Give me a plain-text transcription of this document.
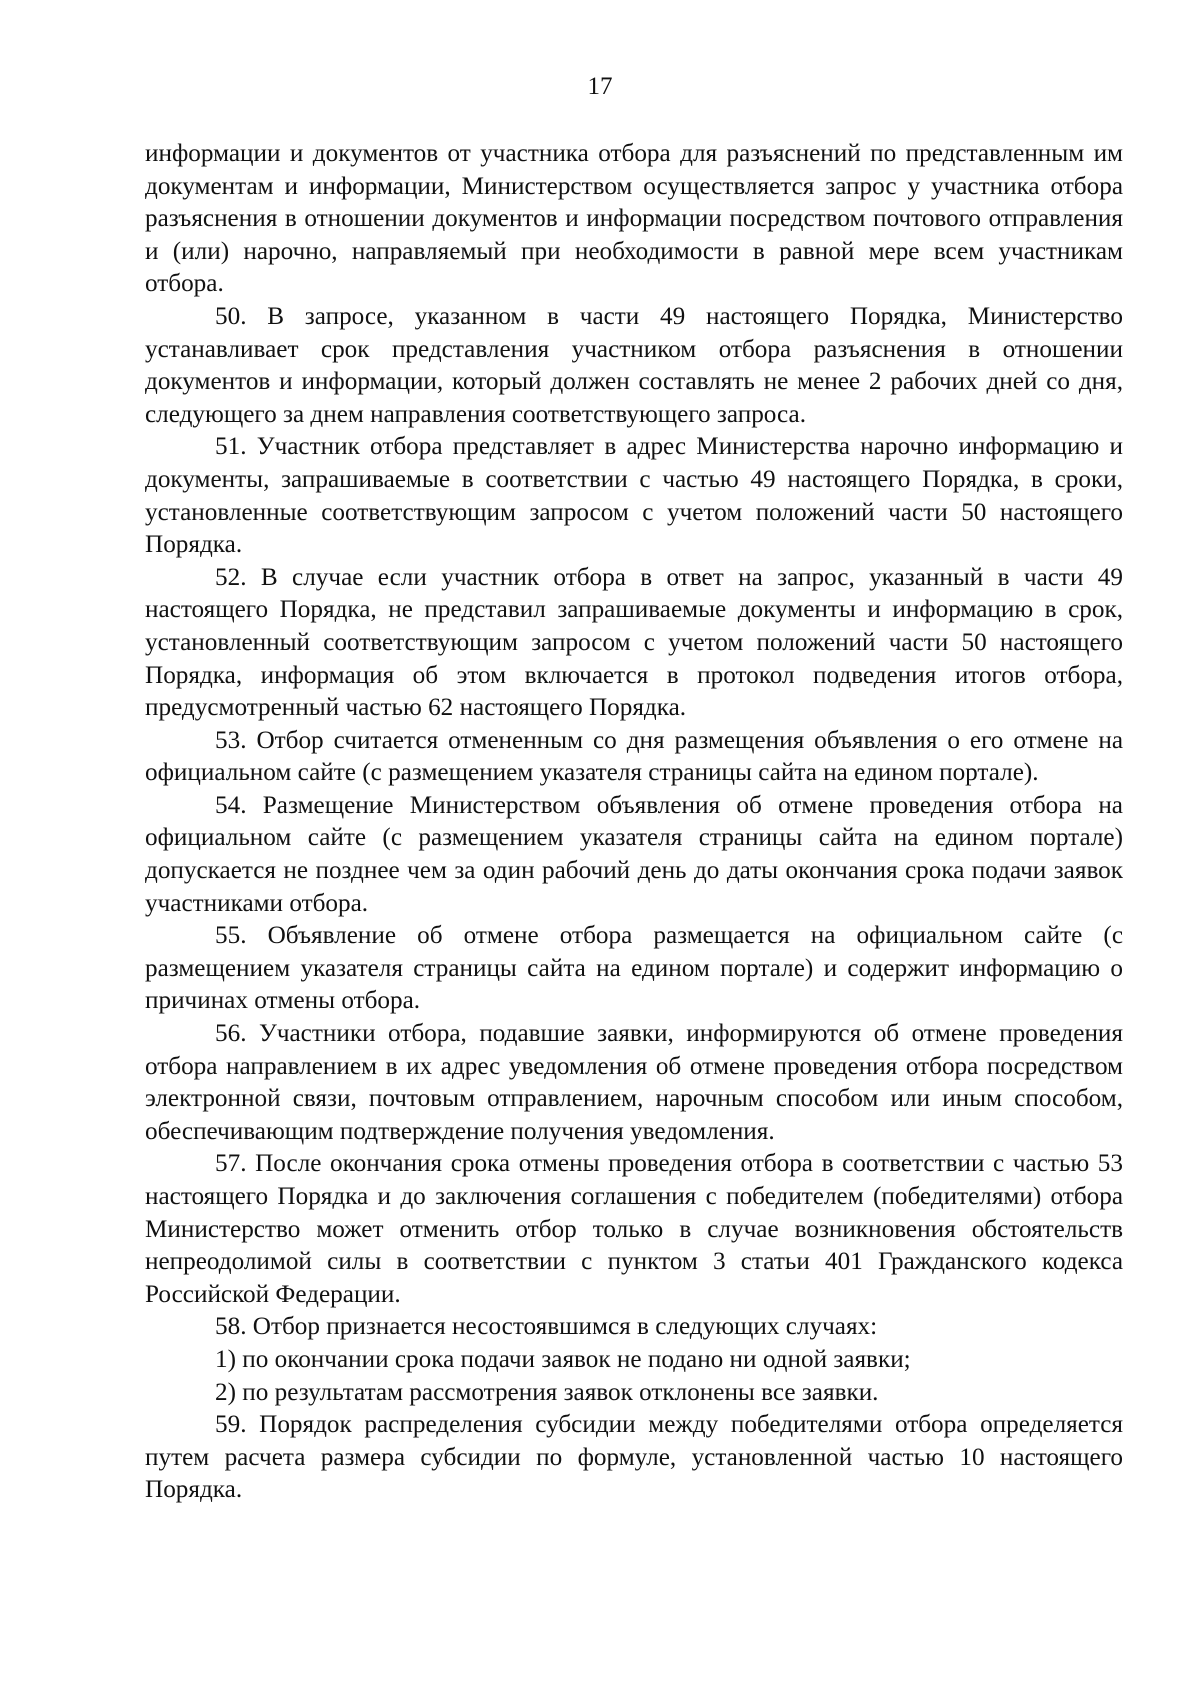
17

информации и документов от участника отбора для разъяснений по представленным им документам и информации, Министерством осуществляется запрос у участника отбора разъяснения в отношении документов и информации посредством почтового отправления и (или) нарочно, направляемый при необходимости в равной мере всем участникам отбора.

50. В запросе, указанном в части 49 настоящего Порядка, Министерство устанавливает срок представления участником отбора разъяснения в отношении документов и информации, который должен составлять не менее 2 рабочих дней со дня, следующего за днем направления соответствующего запроса.

51. Участник отбора представляет в адрес Министерства нарочно информацию и документы, запрашиваемые в соответствии с частью 49 настоящего Порядка, в сроки, установленные соответствующим запросом с учетом положений части 50 настоящего Порядка.

52. В случае если участник отбора в ответ на запрос, указанный в части 49 настоящего Порядка, не представил запрашиваемые документы и информацию в срок, установленный соответствующим запросом с учетом положений части 50 настоящего Порядка, информация об этом включается в протокол подведения итогов отбора, предусмотренный частью 62 настоящего Порядка.

53. Отбор считается отмененным со дня размещения объявления о его отмене на официальном сайте (с размещением указателя страницы сайта на едином портале).

54. Размещение Министерством объявления об отмене проведения отбора на официальном сайте (с размещением указателя страницы сайта на едином портале) допускается не позднее чем за один рабочий день до даты окончания срока подачи заявок участниками отбора.

55. Объявление об отмене отбора размещается на официальном сайте (с размещением указателя страницы сайта на едином портале) и содержит информацию о причинах отмены отбора.

56. Участники отбора, подавшие заявки, информируются об отмене проведения отбора направлением в их адрес уведомления об отмене проведения отбора посредством электронной связи, почтовым отправлением, нарочным способом или иным способом, обеспечивающим подтверждение получения уведомления.

57. После окончания срока отмены проведения отбора в соответствии с частью 53 настоящего Порядка и до заключения соглашения с победителем (победителями) отбора Министерство может отменить отбор только в случае возникновения обстоятельств непреодолимой силы в соответствии с пунктом 3 статьи 401 Гражданского кодекса Российской Федерации.

58. Отбор признается несостоявшимся в следующих случаях:

1) по окончании срока подачи заявок не подано ни одной заявки;

2) по результатам рассмотрения заявок отклонены все заявки.

59. Порядок распределения субсидии между победителями отбора определяется путем расчета размера субсидии по формуле, установленной частью 10 настоящего Порядка.
